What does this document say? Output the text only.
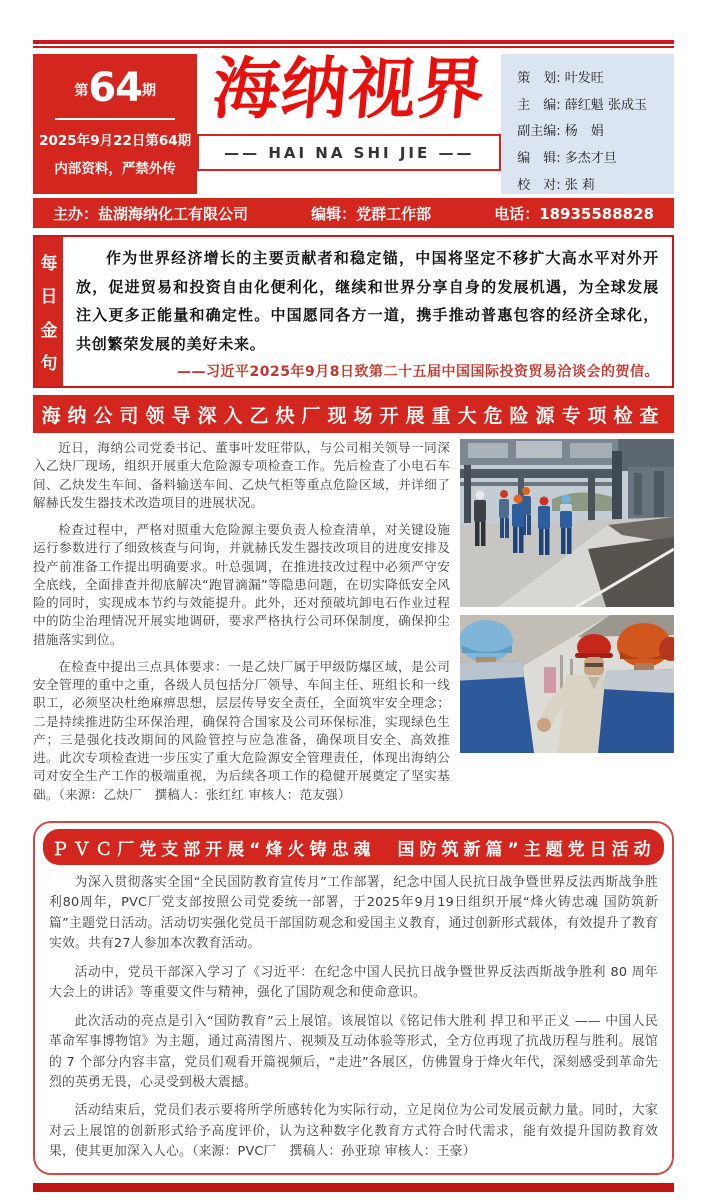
第64期
2025年9月22日第64期
内部资料，严禁外传
海纳视界
—— HAI NA SHI JIE ——
策　划: 叶发旺
主　编: 薛红魁 张成玉
副主编: 杨　娟
编　辑: 多杰才旦
校　对: 张 莉
主办：盐湖海纳化工有限公司	编辑：党群工作部	电话：18935588828
每
日
金
句

作为世界经济增长的主要贡献者和稳定锚，中国将坚定不移扩大高水平对外开放，促进贸易和投资自由化便利化，继续和世界分享自身的发展机遇，为全球发展注入更多正能量和确定性。中国愿同各方一道，携手推动普惠包容的经济全球化，共创繁荣发展的美好未来。

——习近平2025年9月8日致第二十五届中国国际投资贸易洽谈会的贺信。
海纳公司领导深入乙炔厂现场开展重大危险源专项检查

近日，海纳公司党委书记、董事叶发旺带队，与公司相关领导一同深入乙炔厂现场，组织开展重大危险源专项检查工作。先后检查了小电石车间、乙炔发生车间、备料输送车间、乙炔气柜等重点危险区域，并详细了解赫氏发生器技术改造项目的进展状况。

检查过程中，严格对照重大危险源主要负责人检查清单，对关键设施运行参数进行了细致核查与问询，并就赫氏发生器技改项目的进度安排及投产前准备工作提出明确要求。叶总强调，在推进技改过程中必须严守安全底线，全面排查并彻底解决“跑冒滴漏”等隐患问题，在切实降低安全风险的同时，实现成本节约与效能提升。此外，还对预破坑卸电石作业过程中的防尘治理情况开展实地调研，要求严格执行公司环保制度，确保抑尘措施落实到位。

在检查中提出三点具体要求：一是乙炔厂属于甲级防爆区域，是公司安全管理的重中之重，各级人员包括分厂领导、车间主任、班组长和一线职工，必须坚决杜绝麻痹思想，层层传导安全责任，全面筑牢安全理念；二是持续推进防尘环保治理，确保符合国家及公司环保标准，实现绿色生产；三是强化技改期间的风险管控与应急准备，确保项目安全、高效推进。此次专项检查进一步压实了重大危险源安全管理责任，体现出海纳公司对安全生产工作的极端重视，为后续各项工作的稳健开展奠定了坚实基础。（来源：乙炔厂　撰稿人：张红红 审核人：范友强）

ＰＶＣ厂党支部开展“烽火铸忠魂　国防筑新篇”主题党日活动

为深入贯彻落实全国“全民国防教育宣传月”工作部署，纪念中国人民抗日战争暨世界反法西斯战争胜利80周年，PVC厂党支部按照公司党委统一部署，于2025年9月19日组织开展“烽火铸忠魂 国防筑新篇”主题党日活动。活动切实强化党员干部国防观念和爱国主义教育，通过创新形式载体，有效提升了教育实效。共有27人参加本次教育活动。

活动中，党员干部深入学习了《习近平：在纪念中国人民抗日战争暨世界反法西斯战争胜利 80 周年大会上的讲话》等重要文件与精神，强化了国防观念和使命意识。

此次活动的亮点是引入“国防教育”云上展馆。该展馆以《铭记伟大胜利 捍卫和平正义 —— 中国人民革命军事博物馆》为主题，通过高清图片、视频及互动体验等形式，全方位再现了抗战历程与胜利。展馆的 7 个部分内容丰富，党员们观看开篇视频后，“走进”各展区，仿佛置身于烽火年代，深刻感受到革命先烈的英勇无畏，心灵受到极大震撼。

活动结束后，党员们表示要将所学所感转化为实际行动，立足岗位为公司发展贡献力量。同时，大家对云上展馆的创新形式给予高度评价，认为这种数字化教育方式符合时代需求，能有效提升国防教育效果，使其更加深入人心。（来源：PVC厂　撰稿人：孙亚琼 审核人：王豪）
